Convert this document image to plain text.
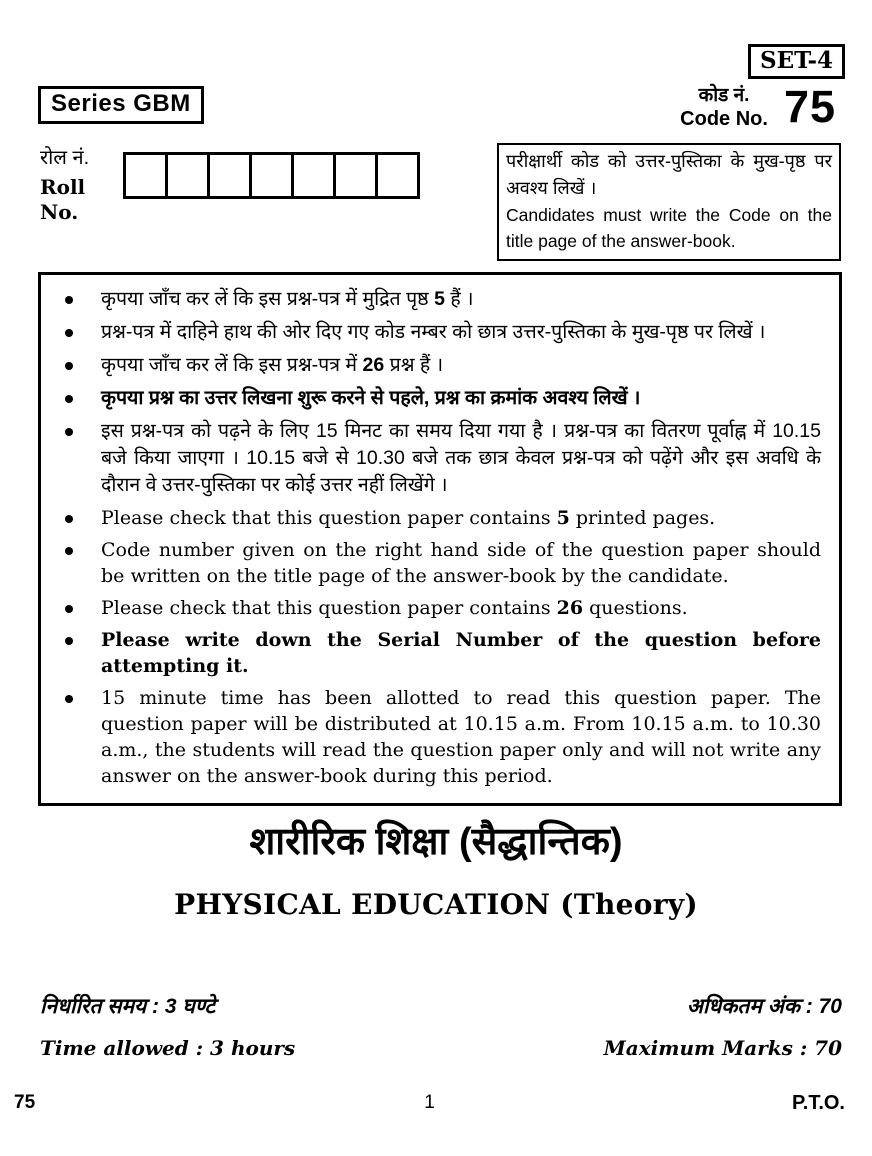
SET-4
Series GBM	कोड नं.
Code No. 75
रोल नं.
Roll No.
परीक्षार्थी कोड को उत्तर-पुस्तिका के मुख-पृष्ठ पर अवश्य लिखें ।
Candidates must write the Code on the title page of the answer-book.
कृपया जाँच कर लें कि इस प्रश्न-पत्र में मुद्रित पृष्ठ 5 हैं ।
प्रश्न-पत्र में दाहिने हाथ की ओर दिए गए कोड नम्बर को छात्र उत्तर-पुस्तिका के मुख-पृष्ठ पर लिखें ।
कृपया जाँच कर लें कि इस प्रश्न-पत्र में 26 प्रश्न हैं ।
कृपया प्रश्न का उत्तर लिखना शुरू करने से पहले, प्रश्न का क्रमांक अवश्य लिखें ।
इस प्रश्न-पत्र को पढ़ने के लिए 15 मिनट का समय दिया गया है । प्रश्न-पत्र का वितरण पूर्वाह्न में 10.15 बजे किया जाएगा । 10.15 बजे से 10.30 बजे तक छात्र केवल प्रश्न-पत्र को पढ़ेंगे और इस अवधि के दौरान वे उत्तर-पुस्तिका पर कोई उत्तर नहीं लिखेंगे ।
Please check that this question paper contains 5 printed pages.
Code number given on the right hand side of the question paper should be written on the title page of the answer-book by the candidate.
Please check that this question paper contains 26 questions.
Please write down the Serial Number of the question before attempting it.
15 minute time has been allotted to read this question paper. The question paper will be distributed at 10.15 a.m. From 10.15 a.m. to 10.30 a.m., the students will read the question paper only and will not write any answer on the answer-book during this period.
शारीरिक शिक्षा (सैद्धान्तिक)
PHYSICAL EDUCATION (Theory)
निर्धारित समय : 3 घण्टे	अधिकतम अंक : 70
Time allowed : 3 hours	Maximum Marks : 70
75	1	P.T.O.
